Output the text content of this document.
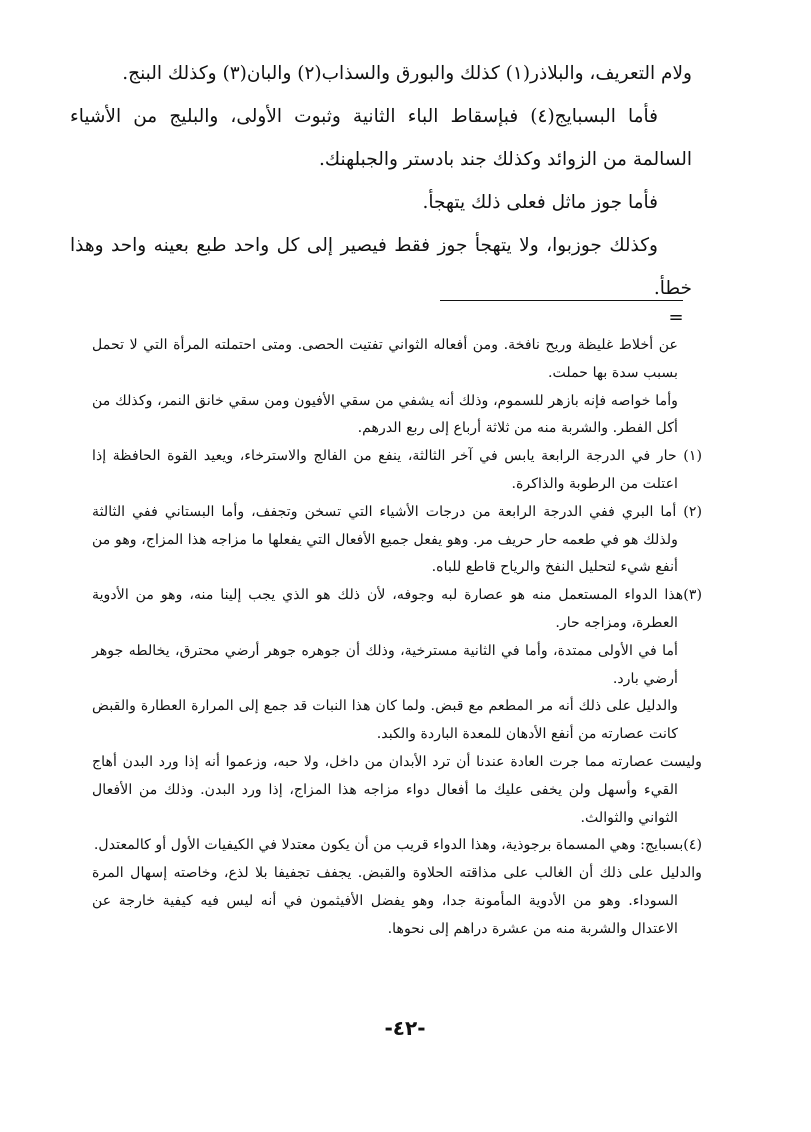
ولام التعريف، والبلاذر(١) كذلك والبورق والسذاب(٢) والبان(٣) وكذلك البنج.

فأما البسبايج(٤) فبإسقاط الباء الثانية وثبوت الأولى، والبليج من الأشياء السالمة من الزوائد وكذلك جند بادستر والجبلهنك.

فأما جوز ماثل فعلى ذلك يتهجأ.

وكذلك جوزبوا، ولا يتهجأ جوز فقط فيصير إلى كل واحد طبع بعينه واحد وهذا خطأ.

=

عن أخلاط غليظة وريح نافخة. ومن أفعاله الثواني تفتيت الحصى. ومتى احتملته المرأة التي لا تحمل بسبب سدة بها حملت.

وأما خواصه فإنه بازهر للسموم، وذلك أنه يشفي من سقي الأفيون ومن سقي خانق النمر، وكذلك من أكل الفطر. والشربة منه من ثلاثة أرباع إلى ربع الدرهم.

(١) حار في الدرجة الرابعة يابس في آخر الثالثة، ينفع من الفالج والاسترخاء، ويعيد القوة الحافظة إذا اعتلت من الرطوبة والذاكرة.

(٢) أما البري ففي الدرجة الرابعة من درجات الأشياء التي تسخن وتجفف، وأما البستاني ففي الثالثة ولذلك هو في طعمه حار حريف مر. وهو يفعل جميع الأفعال التي يفعلها ما مزاجه هذا المزاج، وهو من أنفع شيء لتحليل النفخ والرياح قاطع للباه.

(٣)هذا الدواء المستعمل منه هو عصارة لبه وجوفه، لأن ذلك هو الذي يجب إلينا منه، وهو من الأدوية العطرة، ومزاجه حار.

أما في الأولى ممتدة، وأما في الثانية مسترخية، وذلك أن جوهره جوهر أرضي محترق، يخالطه جوهر أرضي بارد.

والدليل على ذلك أنه مر المطعم مع قبض. ولما كان هذا النبات قد جمع إلى المرارة العطارة والقبض كانت عصارته من أنفع الأدهان للمعدة الباردة والكبد.

وليست عصارته مما جرت العادة عندنا أن ترد الأبدان من داخل، ولا حبه، وزعموا أنه إذا ورد البدن أهاج القيء وأسهل ولن يخفى عليك ما أفعال دواء مزاجه هذا المزاج، إذا ورد البدن. وذلك من الأفعال الثواني والثوالث.

(٤)بسبايج: وهي المسماة برجوذية، وهذا الدواء قريب من أن يكون معتدلا في الكيفيات الأول أو كالمعتدل.

والدليل على ذلك أن الغالب على مذاقته الحلاوة والقبض. يجفف تجفيفا بلا لذع، وخاصته إسهال المرة السوداء. وهو من الأدوية المأمونة جدا، وهو يفضل الأفيثمون في أنه ليس فيه كيفية خارجة عن الاعتدال والشربة منه من عشرة دراهم إلى نحوها.

-٤٢-
